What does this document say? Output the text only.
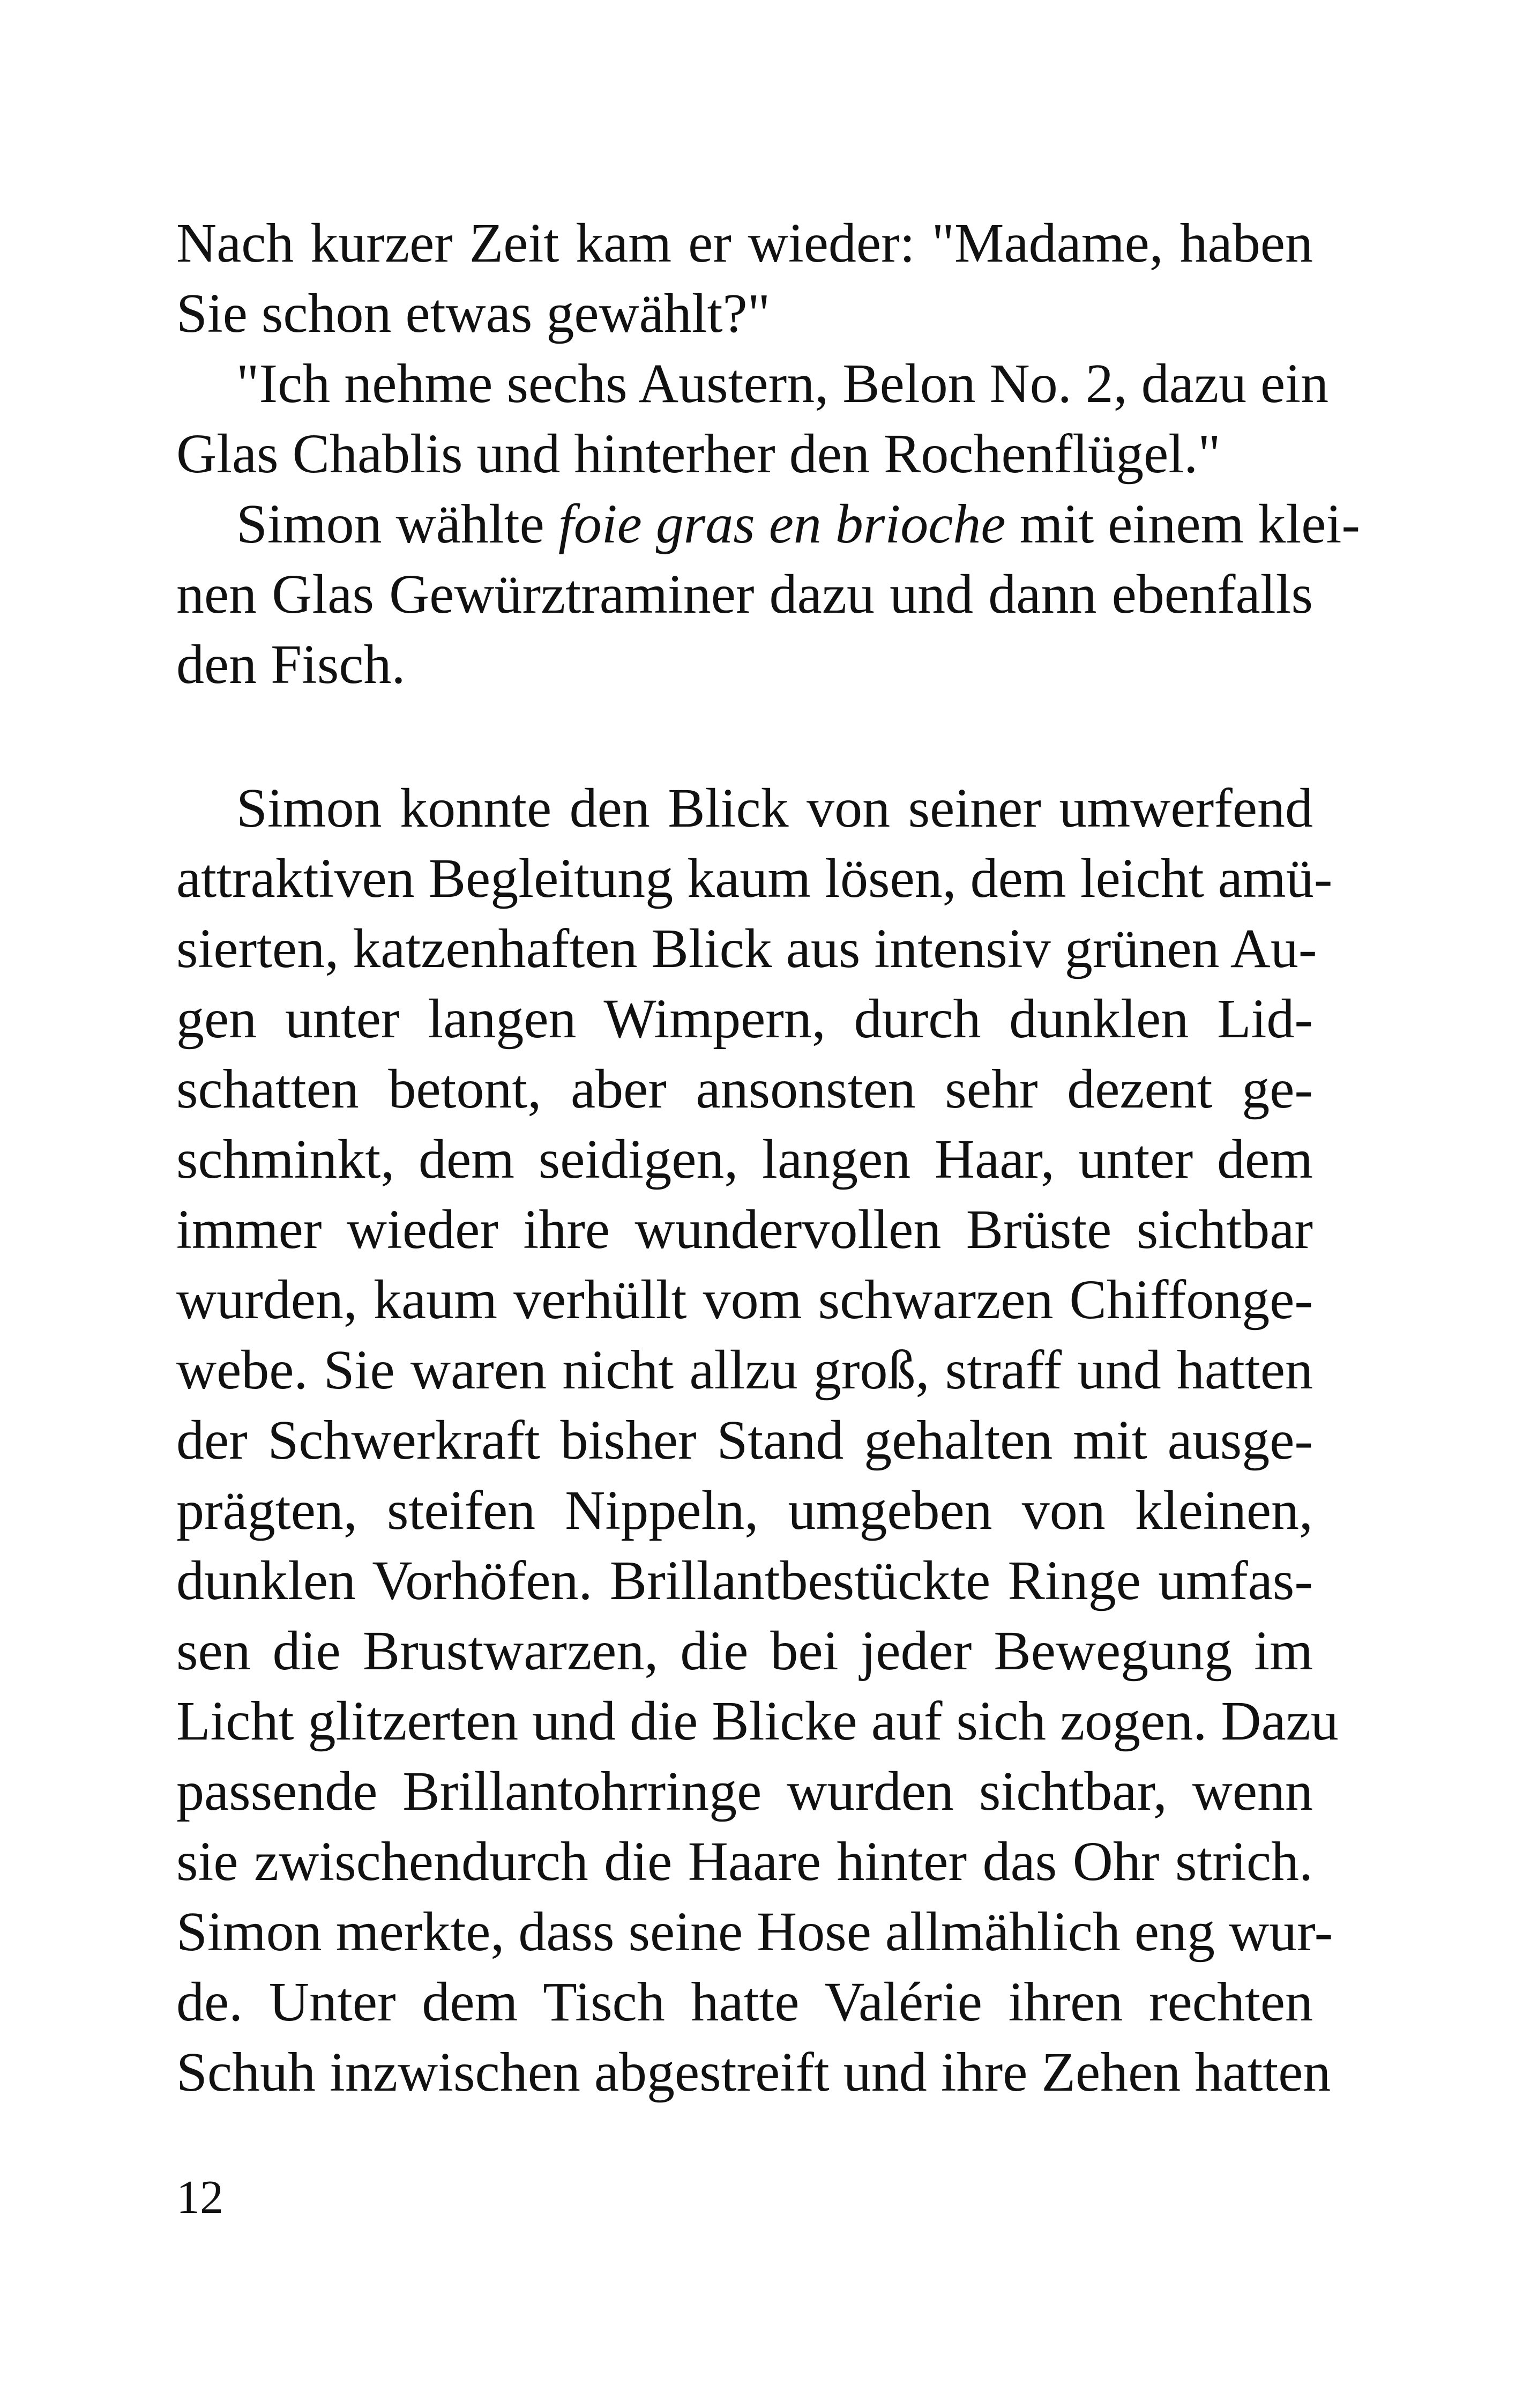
Nach kurzer Zeit kam er wieder: "Madame, haben
Sie schon etwas gewählt?"
"Ich nehme sechs Austern, Belon No. 2, dazu ein
Glas Chablis und hinterher den Rochenflügel."
Simon wählte foie gras en brioche mit einem klei-
nen Glas Gewürztraminer dazu und dann ebenfalls
den Fisch.
Simon konnte den Blick von seiner umwerfend
attraktiven Begleitung kaum lösen, dem leicht amü-
sierten, katzenhaften Blick aus intensiv grünen Au-
gen unter langen Wimpern, durch dunklen Lid-
schatten betont, aber ansonsten sehr dezent ge-
schminkt, dem seidigen, langen Haar, unter dem
immer wieder ihre wundervollen Brüste sichtbar
wurden, kaum verhüllt vom schwarzen Chiffonge-
webe. Sie waren nicht allzu groß, straff und hatten
der Schwerkraft bisher Stand gehalten mit ausge-
prägten, steifen Nippeln, umgeben von kleinen,
dunklen Vorhöfen. Brillantbestückte Ringe umfas-
sen die Brustwarzen, die bei jeder Bewegung im
Licht glitzerten und die Blicke auf sich zogen. Dazu
passende Brillantohrringe wurden sichtbar, wenn
sie zwischendurch die Haare hinter das Ohr strich.
Simon merkte, dass seine Hose allmählich eng wur-
de. Unter dem Tisch hatte Valérie ihren rechten
Schuh inzwischen abgestreift und ihre Zehen hatten
12
